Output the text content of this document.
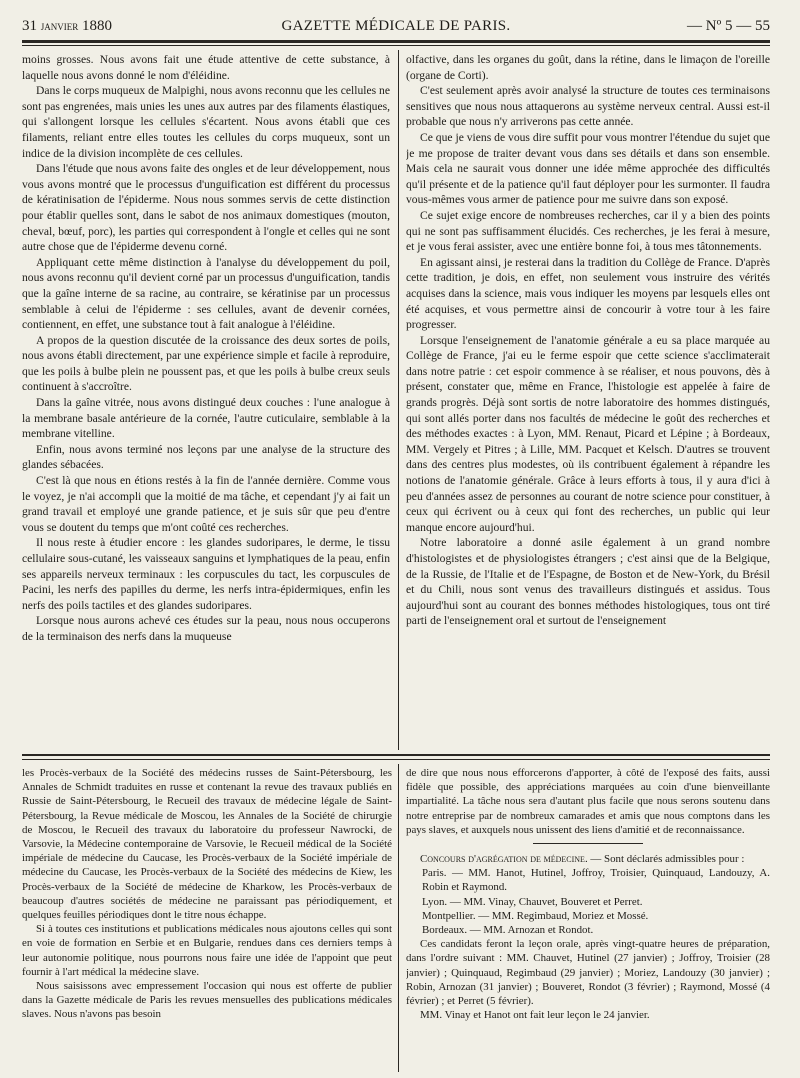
31 janvier 1880	GAZETTE MÉDICALE DE PARIS.	— Nº 5 — 55

moins grosses. Nous avons fait une étude attentive de cette substance, à laquelle nous avons donné le nom d'éléidine.

Dans le corps muqueux de Malpighi, nous avons reconnu que les cellules ne sont pas engrenées, mais unies les unes aux autres par des filaments élastiques, qui s'allongent lorsque les cellules s'écartent. Nous avons établi que ces filaments, reliant entre elles toutes les cellules du corps muqueux, sont un indice de la division incomplète de ces cellules.

Dans l'étude que nous avons faite des ongles et de leur développement, nous vous avons montré que le processus d'unguification est différent du processus de kératinisation de l'épiderme. Nous nous sommes servis de cette distinction pour établir quelles sont, dans le sabot de nos animaux domestiques (mouton, cheval, bœuf, porc), les parties qui correspondent à l'ongle et celles qui ne sont autre chose que de l'épiderme devenu corné.

Appliquant cette même distinction à l'analyse du développement du poil, nous avons reconnu qu'il devient corné par un processus d'unguification, tandis que la gaîne interne de sa racine, au contraire, se kératinise par un processus semblable à celui de l'épiderme : ses cellules, avant de devenir cornées, contiennent, en effet, une substance tout à fait analogue à l'éléidine.

A propos de la question discutée de la croissance des deux sortes de poils, nous avons établi directement, par une expérience simple et facile à reproduire, que les poils à bulbe plein ne poussent pas, et que les poils à bulbe creux seuls continuent à s'accroître.

Dans la gaîne vitrée, nous avons distingué deux couches : l'une analogue à la membrane basale antérieure de la cornée, l'autre cuticulaire, semblable à la membrane vitelline.

Enfin, nous avons terminé nos leçons par une analyse de la structure des glandes sébacées.

C'est là que nous en étions restés à la fin de l'année dernière. Comme vous le voyez, je n'ai accompli que la moitié de ma tâche, et cependant j'y ai fait un grand travail et employé une grande patience, et je suis sûr que peu d'entre vous se doutent du temps que m'ont coûté ces recherches.

Il nous reste à étudier encore : les glandes sudoripares, le derme, le tissu cellulaire sous-cutané, les vaisseaux sanguins et lymphatiques de la peau, enfin ses appareils nerveux terminaux : les corpuscules du tact, les corpuscules de Pacini, les nerfs des papilles du derme, les nerfs intra-épidermiques, enfin les nerfs des poils tactiles et des glandes sudoripares.

Lorsque nous aurons achevé ces études sur la peau, nous nous occuperons de la terminaison des nerfs dans la muqueuse

olfactive, dans les organes du goût, dans la rétine, dans le limaçon de l'oreille (organe de Corti).

C'est seulement après avoir analysé la structure de toutes ces terminaisons sensitives que nous nous attaquerons au système nerveux central. Aussi est-il probable que nous n'y arriverons pas cette année.

Ce que je viens de vous dire suffit pour vous montrer l'étendue du sujet que je me propose de traiter devant vous dans ses détails et dans son ensemble. Mais cela ne saurait vous donner une idée même approchée des difficultés qu'il présente et de la patience qu'il faut déployer pour les surmonter. Il faudra vous-mêmes vous armer de patience pour me suivre dans son exposé.

Ce sujet exige encore de nombreuses recherches, car il y a bien des points qui ne sont pas suffisamment élucidés. Ces recherches, je les ferai à mesure, et je vous ferai assister, avec une entière bonne foi, à tous mes tâtonnements.

En agissant ainsi, je resterai dans la tradition du Collège de France. D'après cette tradition, je dois, en effet, non seulement vous instruire des vérités acquises dans la science, mais vous indiquer les moyens par lesquels elles ont été acquises, et vous permettre ainsi de concourir à votre tour à les faire progresser.

Lorsque l'enseignement de l'anatomie générale a eu sa place marquée au Collège de France, j'ai eu le ferme espoir que cette science s'acclimaterait dans notre patrie : cet espoir commence à se réaliser, et nous pouvons, dès à présent, constater que, même en France, l'histologie est appelée à faire de grands progrès. Déjà sont sortis de notre laboratoire des hommes distingués, qui sont allés porter dans nos facultés de médecine le goût des recherches et des méthodes exactes : à Lyon, MM. Renaut, Picard et Lépine ; à Bordeaux, MM. Vergely et Pitres ; à Lille, MM. Pacquet et Kelsch. D'autres se trouvent dans des centres plus modestes, où ils contribuent également à répandre les notions de l'anatomie générale. Grâce à leurs efforts à tous, il y aura d'ici à peu d'années assez de personnes au courant de notre science pour constituer, à ceux qui écrivent ou à ceux qui font des recherches, un public qui leur manque encore aujourd'hui.

Notre laboratoire a donné asile également à un grand nombre d'histologistes et de physiologistes étrangers ; c'est ainsi que de la Belgique, de la Russie, de l'Italie et de l'Espagne, de Boston et de New-York, du Brésil et du Chili, nous sont venus des travailleurs distingués et assidus. Tous aujourd'hui sont au courant des bonnes méthodes histologiques, tous ont tiré parti de l'enseignement oral et surtout de l'enseignement

les Procès-verbaux de la Société des médecins russes de Saint-Pétersbourg, les Annales de Schmidt traduites en russe et contenant la revue des travaux publiés en Russie de Saint-Pétersbourg, le Recueil des travaux de médecine légale de Saint-Pétersbourg, la Revue médicale de Moscou, les Annales de la Société de chirurgie de Moscou, le Recueil des travaux du laboratoire du professeur Nawrocki, de Varsovie, la Médecine contemporaine de Varsovie, le Recueil médical de la Société impériale de médecine du Caucase, les Procès-verbaux de la Société impériale de médecine du Caucase, les Procès-verbaux de la Société des médecins de Kiew, les Procès-verbaux de la Société de médecine de Kharkow, les Procès-verbaux de beaucoup d'autres sociétés de médecine ne paraissant pas périodiquement, et quelques feuilles périodiques dont le titre nous échappe.

Si à toutes ces institutions et publications médicales nous ajoutons celles qui sont en voie de formation en Serbie et en Bulgarie, rendues dans ces derniers temps à leur autonomie politique, nous pourrons nous faire une idée de l'appoint que peut fournir à l'art médical la médecine slave.

Nous saisissons avec empressement l'occasion qui nous est offerte de publier dans la Gazette médicale de Paris les revues mensuelles des publications médicales slaves. Nous n'avons pas besoin

de dire que nous nous efforcerons d'apporter, à côté de l'exposé des faits, aussi fidèle que possible, des appréciations marquées au coin d'une bienveillante impartialité. La tâche nous sera d'autant plus facile que nous serons soutenu dans notre entreprise par de nombreux camarades et amis que nous comptons dans les pays slaves, et auxquels nous unissent des liens d'amitié et de reconnaissance.

Concours d'agrégation de médecine. — Sont déclarés admissibles pour :

Paris. — MM. Hanot, Hutinel, Joffroy, Troisier, Quinquaud, Landouzy, A. Robin et Raymond.

Lyon. — MM. Vinay, Chauvet, Bouveret et Perret.

Montpellier. — MM. Regimbaud, Moriez et Mossé.

Bordeaux. — MM. Arnozan et Rondot.

Ces candidats feront la leçon orale, après vingt-quatre heures de préparation, dans l'ordre suivant : MM. Chauvet, Hutinel (27 janvier) ; Joffroy, Troisier (28 janvier) ; Quinquaud, Regimbaud (29 janvier) ; Moriez, Landouzy (30 janvier) ; Robin, Arnozan (31 janvier) ; Bouveret, Rondot (3 février) ; Raymond, Mossé (4 février) ; et Perret (5 février).

MM. Vinay et Hanot ont fait leur leçon le 24 janvier.
